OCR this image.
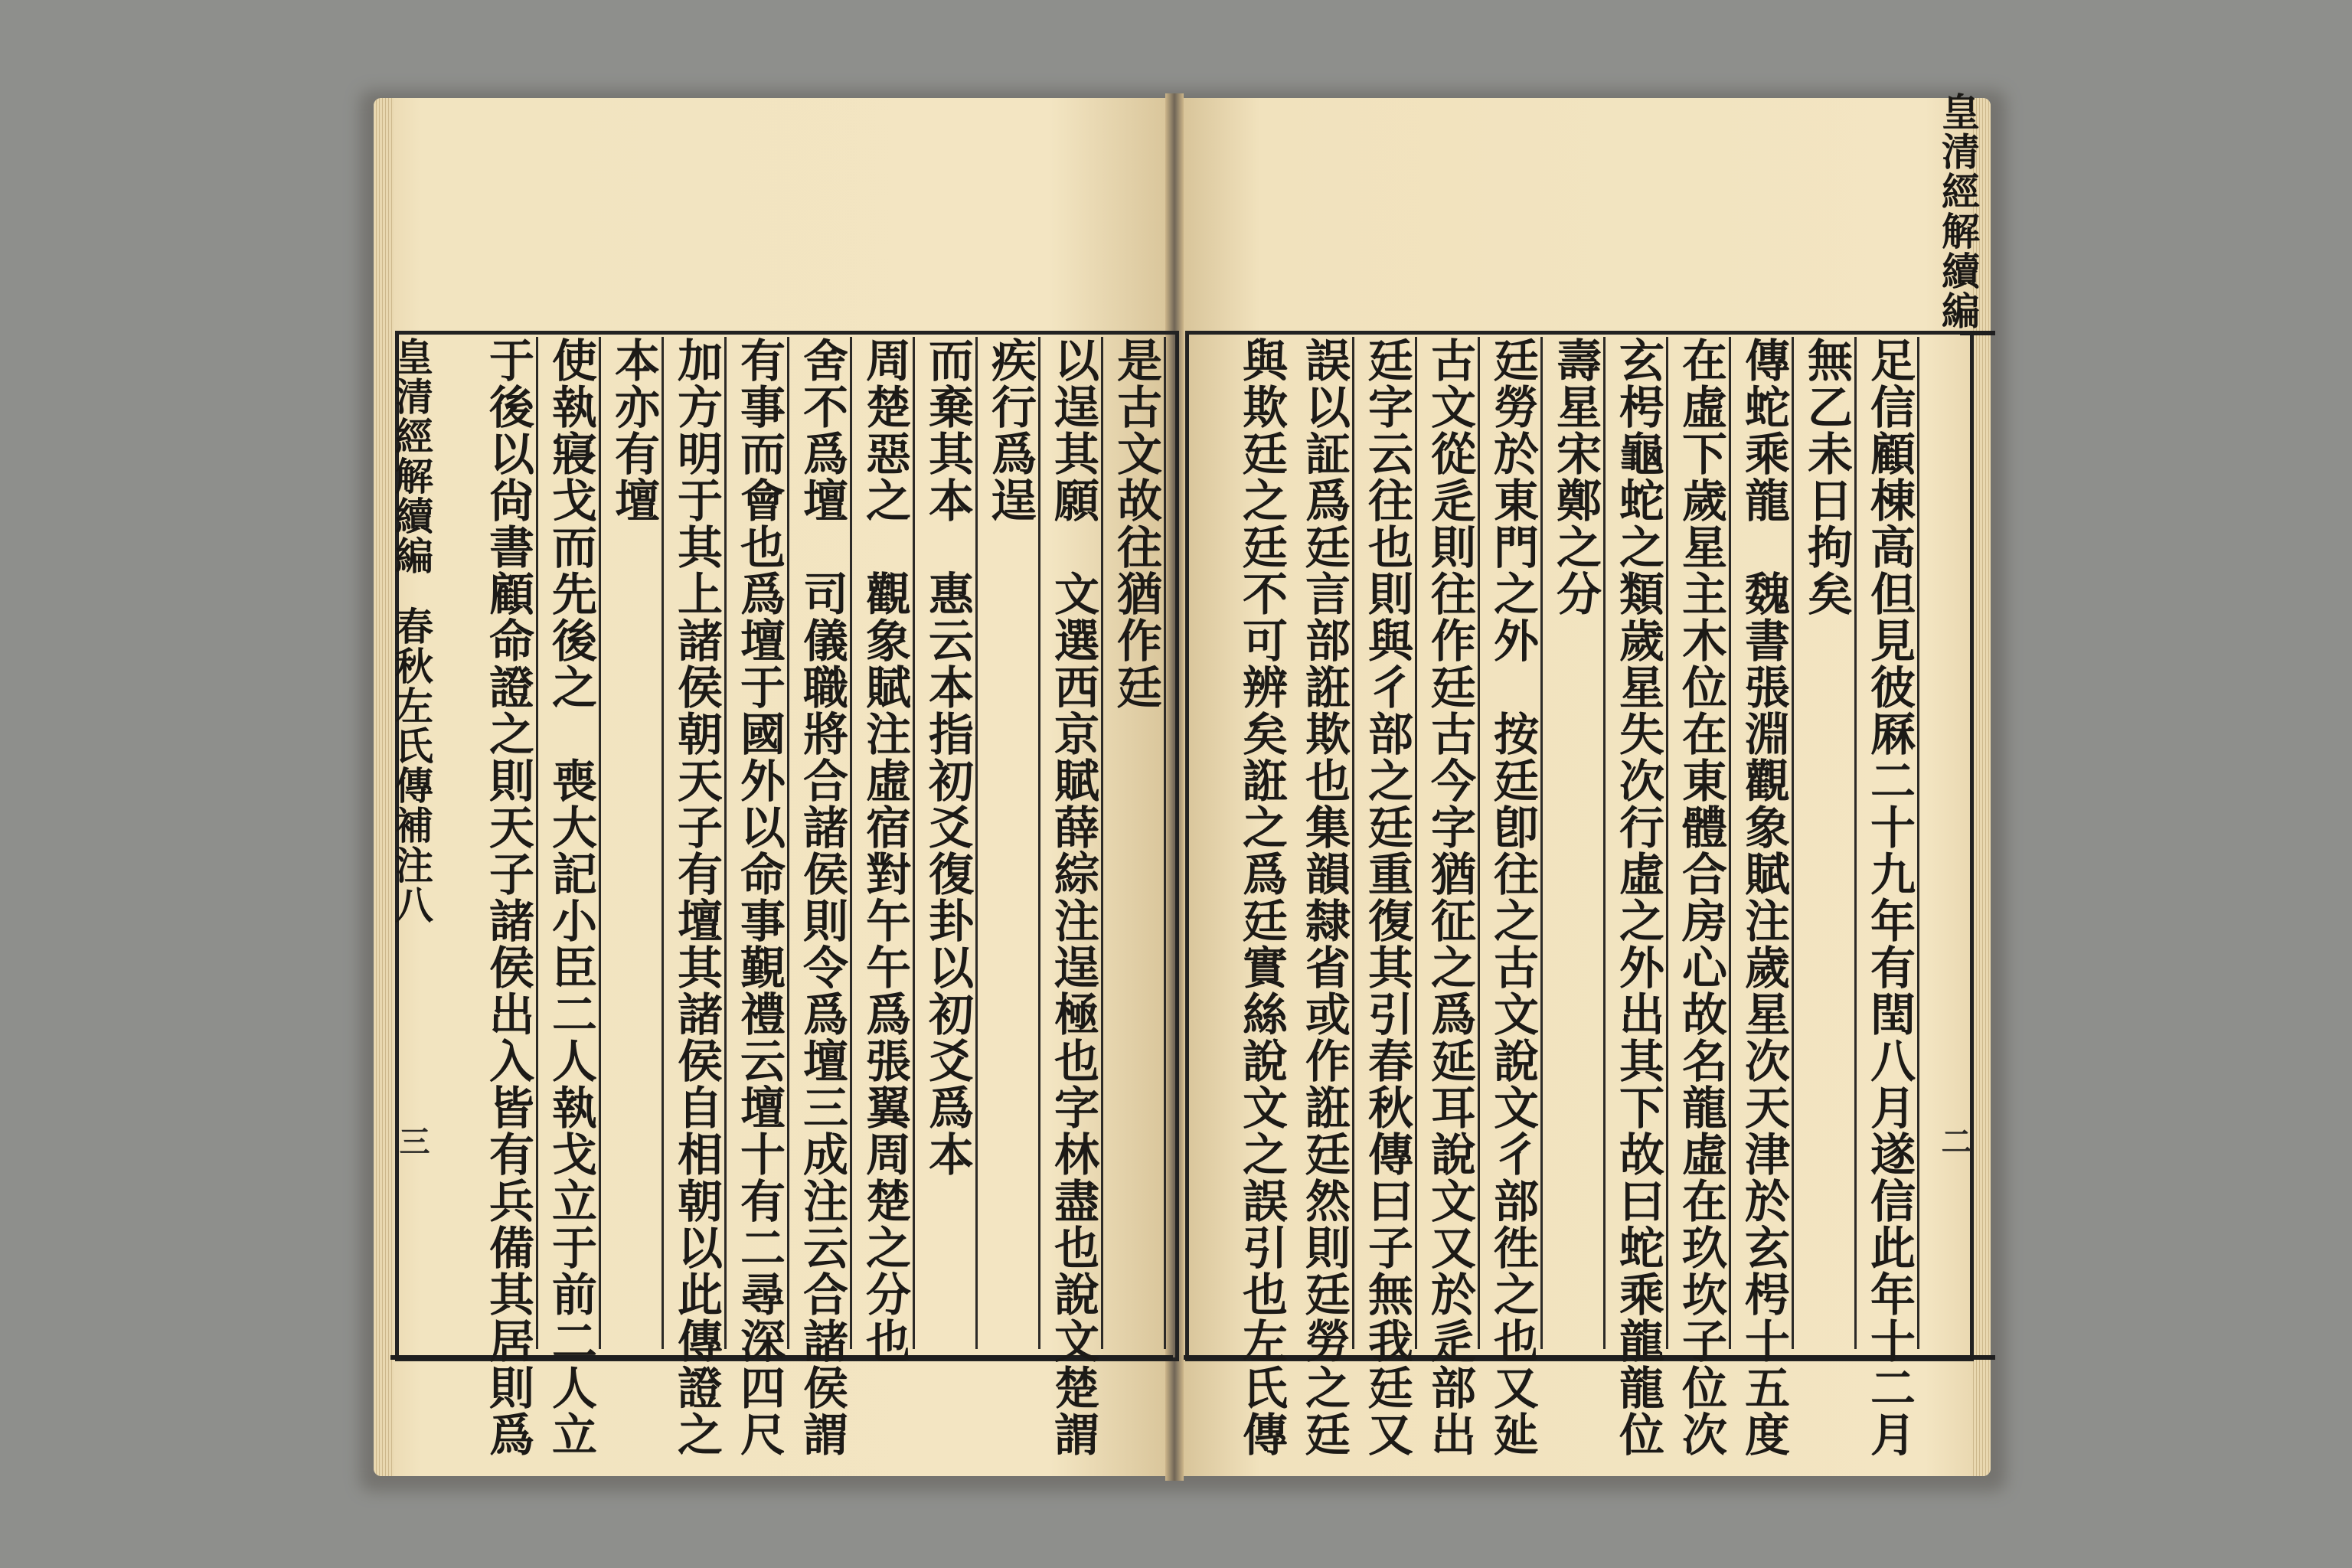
皇清經解續編
春秋左氏傳補注八
三
是古文故往猶作廷
以逞其願　文選西京賦薛綜注逞極也字林盡也說文楚謂
疾行爲逞
而棄其本　惠云本指初爻復卦以初爻爲本
周楚惡之　觀象賦注虛宿對午午爲張翼周楚之分也
舍不爲壇　司儀職將合諸侯則令爲壇三成注云合諸侯謂
有事而會也爲壇于國外以命事覲禮云壇十有二尋深四尺
加方明于其上諸侯朝天子有壇其諸侯自相朝以此傳證之
本亦有壇
使執寢戈而先後之　喪大記小臣二人執戈立于前二人立
于後以尙書顧命證之則天子諸侯出入皆有兵備其居則爲	足信顧棟高但見彼厤二十九年有閏八月遂信此年十二月
無乙未日拘矣
傳蛇乘龍　魏書張淵觀象賦注歲星次天津於玄枵十五度
在虛下歲星主木位在東體合房心故名龍虛在玖坎子位次
玄枵龜蛇之類歲星失次行虛之外出其下故曰蛇乘龍龍位
壽星宋鄭之分
廷勞於東門之外　按廷卽往之古文說文彳部徃之也又㢟
古文從辵則往作廷古今字猶征之爲延耳說文又於辵部出
廷字云往也則與彳部之廷重復其引春秋傳曰子無我廷又
誤以証爲廷言部誑欺也集韻隸省或作誑廷然則廷勞之廷
與欺廷之廷不可辨矣誑之爲廷實絲說文之誤引也左氏傳
皇清經解續編
二
